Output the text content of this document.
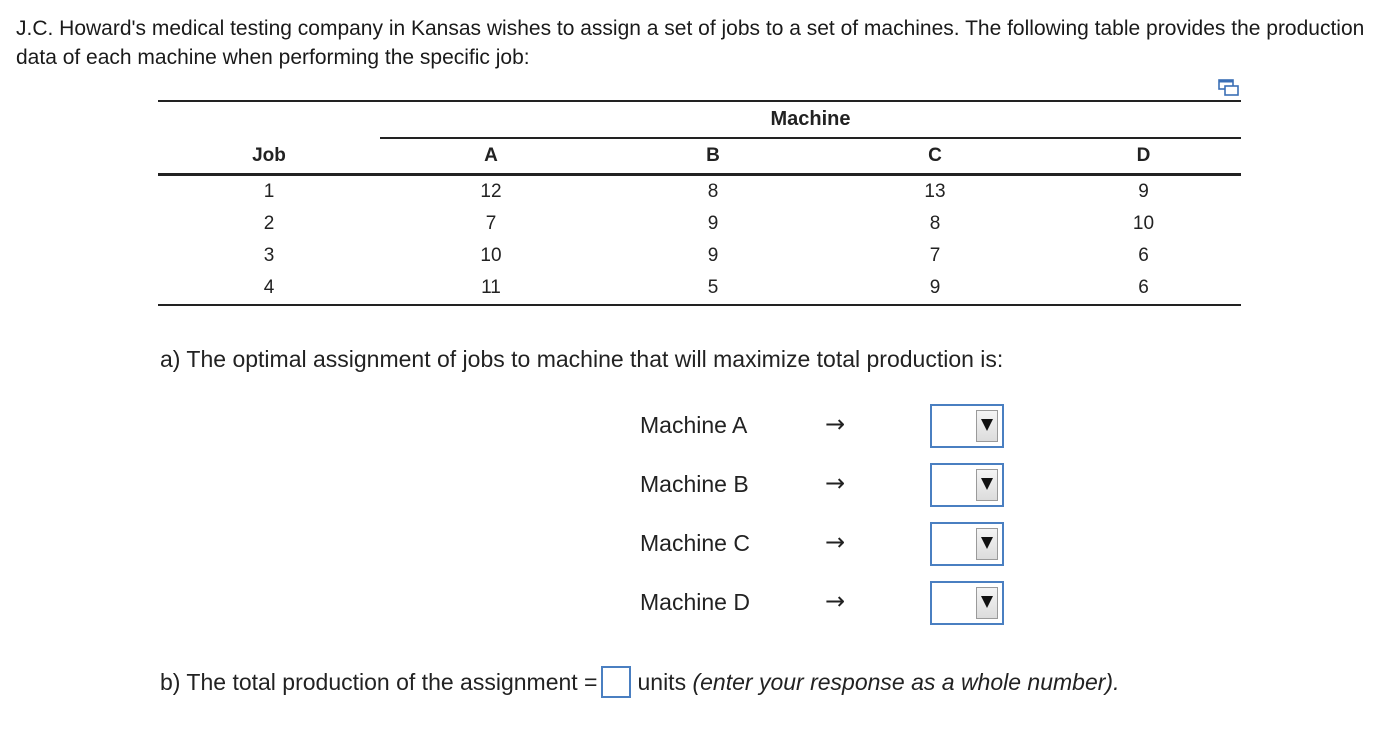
J.C. Howard's medical testing company in Kansas wishes to assign a set of jobs to a set of machines. The following table provides the production data of each machine when performing the specific job:

	Machine			
Job	A	B	C	D
1	12	8	13	9
2	7	9	8	10
3	10	9	7	6
4	11	5	9	6
a) The optimal assignment of jobs to machine that will maximize total production is:
Machine A	→
Machine B	→
Machine C	→
Machine D	→
b) The total production of the assignment = units (enter your response as a whole number).
